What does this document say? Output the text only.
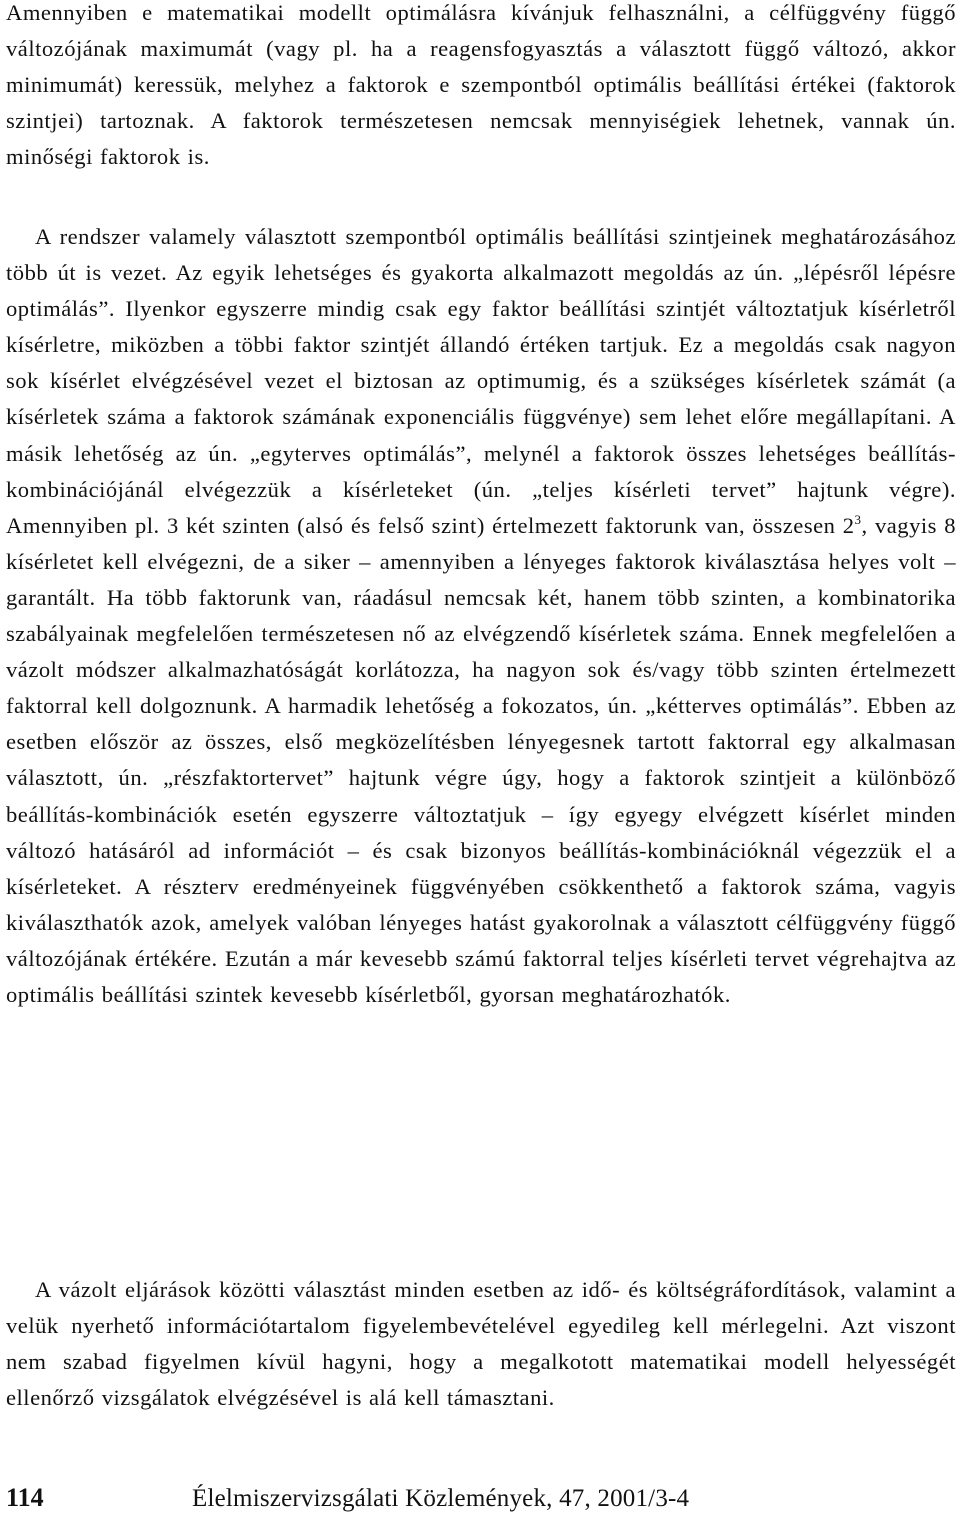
Amennyiben e matematikai modellt optimálásra kívánjuk felhasználni, a célfüggvény függő változójának maximumát (vagy pl. ha a reagensfogyasztás a választott függő változó, akkor minimumát) keressük, melyhez a faktorok e szempontból optimális beállítási értékei (faktorok szintjei) tartoznak. A faktorok természetesen nemcsak mennyiségiek lehetnek, vannak ún. minőségi faktorok is.

A rendszer valamely választott szempontból optimális beállítási szintjeinek meghatározásához több út is vezet. Az egyik lehetséges és gyakorta alkalmazott megoldás az ún. „lépésről lépésre optimálás”. Ilyenkor egyszerre mindig csak egy faktor beállítási szintjét változtatjuk kísérletről kísérletre, miközben a többi faktor szintjét állandó értéken tartjuk. Ez a megoldás csak nagyon sok kísérlet elvégzésével vezet el biztosan az optimumig, és a szükséges kísérletek számát (a kísérletek száma a faktorok számának exponenciális függvénye) sem lehet előre megállapítani. A másik lehetőség az ún. „egyterves optimálás”, melynél a faktorok összes lehetséges beállítás-kombinációjánál elvégezzük a kísérleteket (ún. „teljes kísérleti tervet” hajtunk végre). Amennyiben pl. 3 két szinten (alsó és felső szint) értelmezett faktorunk van, összesen $2^3$, vagyis 8 kísérletet kell elvégezni, de a siker – amennyiben a lényeges faktorok kiválasztása helyes volt – garantált. Ha több faktorunk van, ráadásul nemcsak két, hanem több szinten, a kombinatorika szabályainak megfelelően természetesen nő az elvégzendő kísérletek száma. Ennek megfelelően a vázolt módszer alkalmazhatóságát korlátozza, ha nagyon sok és/vagy több szinten értelmezett faktorral kell dolgoznunk. A harmadik lehetőség a fokozatos, ún. „kétterves optimálás”. Ebben az esetben először az összes, első megközelítésben lényegesnek tartott faktorral egy alkalmasan választott, ún. „részfaktortervet” hajtunk végre úgy, hogy a faktorok szintjeit a különböző beállítás-kombinációk esetén egyszerre változtatjuk – így egyegy elvégzett kísérlet minden változó hatásáról ad információt – és csak bizonyos beállítás-kombinációknál végezzük el a kísérleteket. A részterv eredményeinek függvényében csökkenthető a faktorok száma, vagyis kiválaszthatók azok, amelyek valóban lényeges hatást gyakorolnak a választott célfüggvény függő változójának értékére. Ezután a már kevesebb számú faktorral teljes kísérleti tervet végrehajtva az optimális beállítási szintek kevesebb kísérletből, gyorsan meghatározhatók.

A vázolt eljárások közötti választást minden esetben az idő- és költségráfordítások, valamint a velük nyerhető információtartalom figyelembevételével egyedileg kell mérlegelni. Azt viszont nem szabad figyelmen kívül hagyni, hogy a megalkotott matematikai modell helyességét ellenőrző vizsgálatok elvégzésével is alá kell támasztani.

114	Élelmiszervizsgálati Közlemények, 47, 2001/3-4
